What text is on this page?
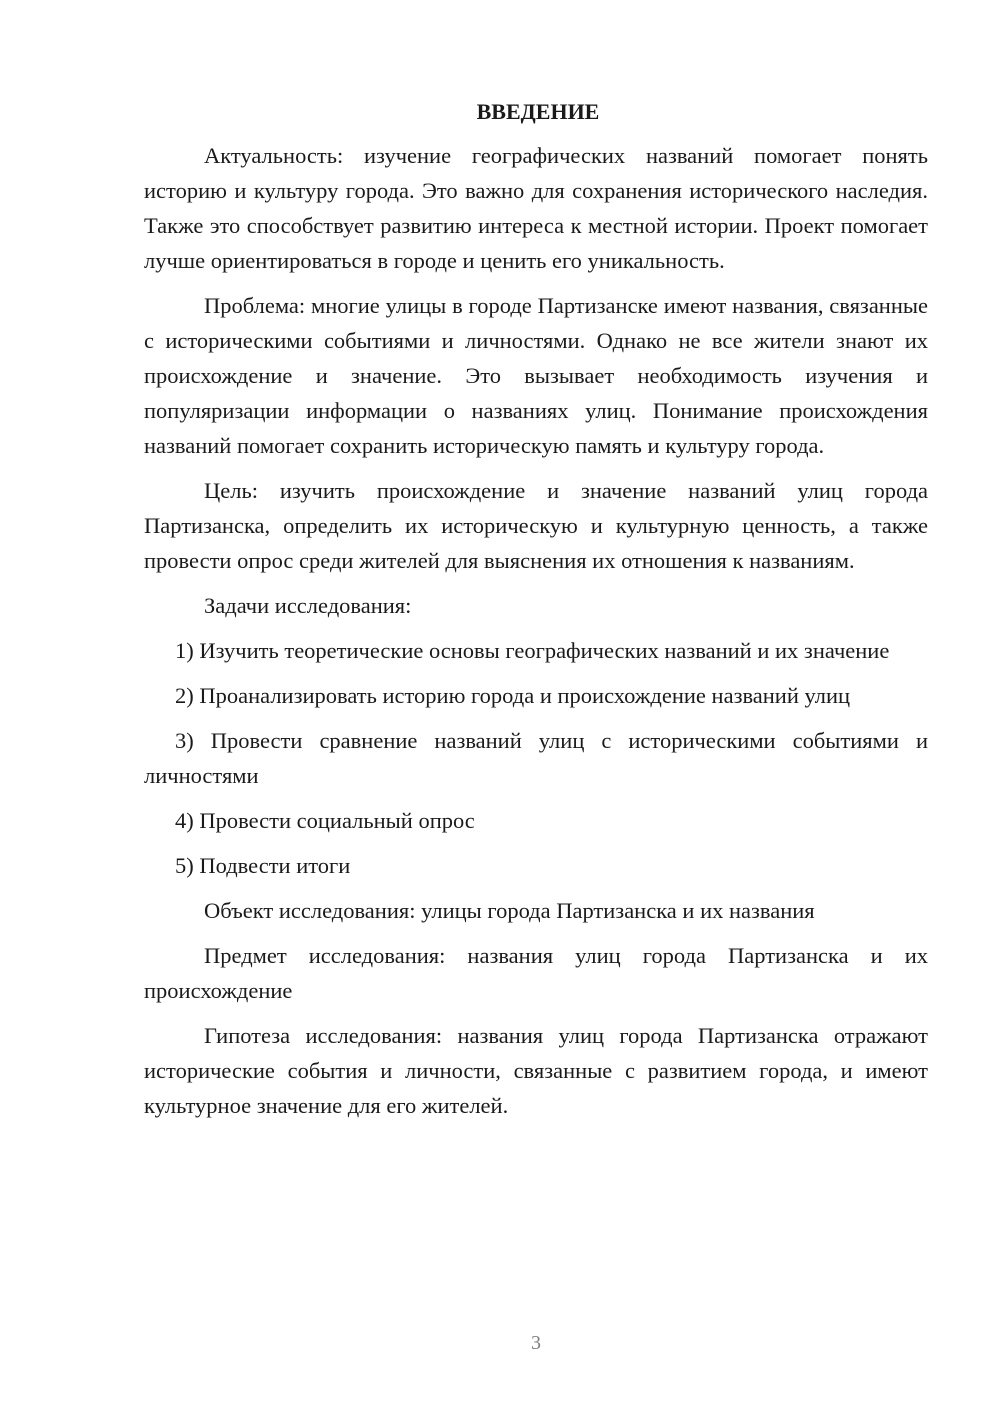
ВВЕДЕНИЕ

Актуальность: изучение географических названий помогает понять историю и культуру города. Это важно для сохранения исторического наследия. Также это способствует развитию интереса к местной истории. Проект помогает лучше ориентироваться в городе и ценить его уникальность.

Проблема: многие улицы в городе Партизанске имеют названия, связанные с историческими событиями и личностями. Однако не все жители знают их происхождение и значение. Это вызывает необходимость изучения и популяризации информации о названиях улиц. Понимание происхождения названий помогает сохранить историческую память и культуру города.

Цель: изучить происхождение и значение названий улиц города Партизанска, определить их историческую и культурную ценность, а также провести опрос среди жителей для выяснения их отношения к названиям.

Задачи исследования:

1) Изучить теоретические основы географических названий и их значение

2) Проанализировать историю города и происхождение названий улиц

3) Провести сравнение названий улиц с историческими событиями и личностями

4) Провести социальный опрос

5) Подвести итоги

Объект исследования: улицы города Партизанска и их названия

Предмет исследования: названия улиц города Партизанска и их происхождение

Гипотеза исследования: названия улиц города Партизанска отражают исторические события и личности, связанные с развитием города, и имеют культурное значение для его жителей.

3
